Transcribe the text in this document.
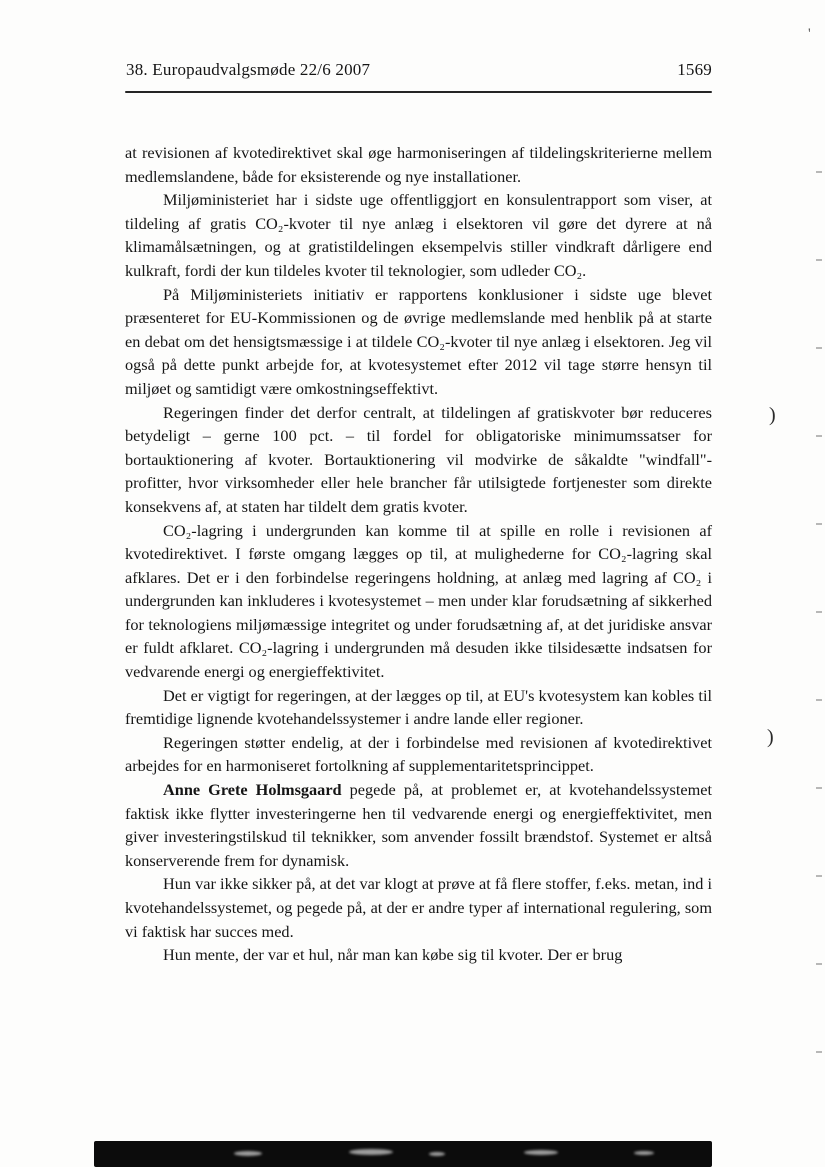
'
38. Europaudvalgsmøde 22/6 2007	1569

at revisionen af kvotedirektivet skal øge harmoniseringen af tildelingskriterierne mellem medlemslandene, både for eksisterende og nye installationer.

Miljøministeriet har i sidste uge offentliggjort en konsulentrapport som viser, at tildeling af gratis CO₂-kvoter til nye anlæg i elsektoren vil gøre det dyrere at nå klimamålsætningen, og at gratistildelingen eksempelvis stiller vindkraft dårligere end kulkraft, fordi der kun tildeles kvoter til teknologier, som udleder CO₂.

På Miljøministeriets initiativ er rapportens konklusioner i sidste uge blevet præsenteret for EU-Kommissionen og de øvrige medlemslande med henblik på at starte en debat om det hensigtsmæssige i at tildele CO₂-kvoter til nye anlæg i elsektoren. Jeg vil også på dette punkt arbejde for, at kvotesystemet efter 2012 vil tage større hensyn til miljøet og samtidigt være omkostningseffektivt.

Regeringen finder det derfor centralt, at tildelingen af gratiskvoter bør reduceres betydeligt – gerne 100 pct. – til fordel for obligatoriske minimumssatser for bortauktionering af kvoter. Bortauktionering vil modvirke de såkaldte "windfall"-profitter, hvor virksomheder eller hele brancher får utilsigtede fortjenester som direkte konsekvens af, at staten har tildelt dem gratis kvoter.

CO₂-lagring i undergrunden kan komme til at spille en rolle i revisionen af kvotedirektivet. I første omgang lægges op til, at mulighederne for CO₂-lagring skal afklares. Det er i den forbindelse regeringens holdning, at anlæg med lagring af CO₂ i undergrunden kan inkluderes i kvotesystemet – men under klar forudsætning af sikkerhed for teknologiens miljømæssige integritet og under forudsætning af, at det juridiske ansvar er fuldt afklaret. CO₂-lagring i undergrunden må desuden ikke tilsidesætte indsatsen for vedvarende energi og energieffektivitet.

Det er vigtigt for regeringen, at der lægges op til, at EU's kvotesystem kan kobles til fremtidige lignende kvotehandelssystemer i andre lande eller regioner.

Regeringen støtter endelig, at der i forbindelse med revisionen af kvotedirektivet arbejdes for en harmoniseret fortolkning af supplementaritetsprincippet.

Anne Grete Holmsgaard pegede på, at problemet er, at kvotehandelssystemet faktisk ikke flytter investeringerne hen til vedvarende energi og energieffektivitet, men giver investeringstilskud til teknikker, som anvender fossilt brændstof. Systemet er altså konserverende frem for dynamisk.

Hun var ikke sikker på, at det var klogt at prøve at få flere stoffer, f.eks. metan, ind i kvotehandelssystemet, og pegede på, at der er andre typer af international regulering, som vi faktisk har succes med.

Hun mente, der var et hul, når man kan købe sig til kvoter. Der er brug

)
)
